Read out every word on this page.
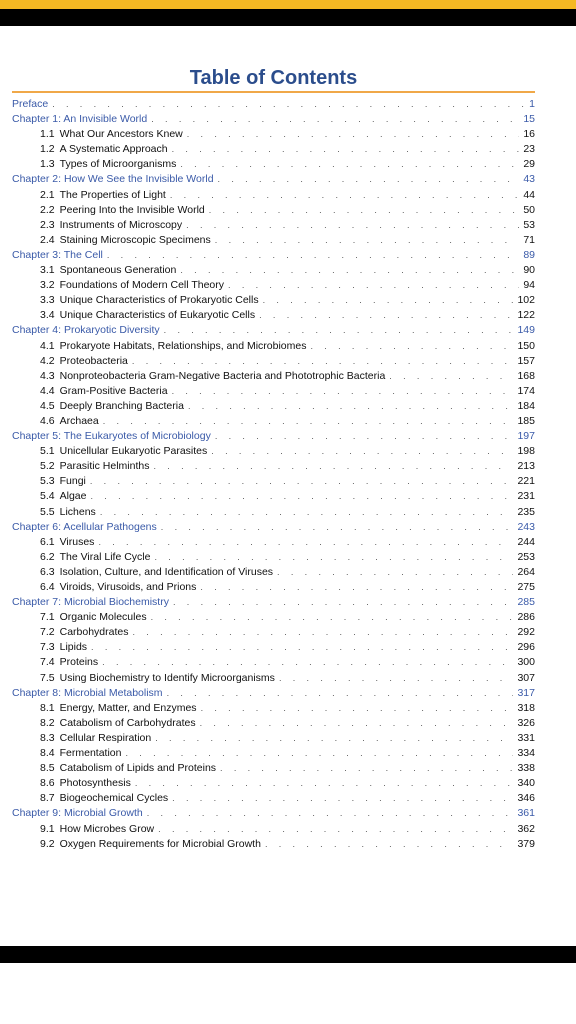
Table of Contents
Preface . . .	1
Chapter 1: An Invisible World . . .	15
1.1 What Our Ancestors Knew . . .	16
1.2 A Systematic Approach . . .	23
1.3 Types of Microorganisms . . .	29
Chapter 2: How We See the Invisible World . . .	43
2.1 The Properties of Light . . .	44
2.2 Peering Into the Invisible World . . .	50
2.3 Instruments of Microscopy . . .	53
2.4 Staining Microscopic Specimens . . .	71
Chapter 3: The Cell . . .	89
3.1 Spontaneous Generation . . .	90
3.2 Foundations of Modern Cell Theory . . .	94
3.3 Unique Characteristics of Prokaryotic Cells . . .	102
3.4 Unique Characteristics of Eukaryotic Cells . . .	122
Chapter 4: Prokaryotic Diversity . . .	149
4.1 Prokaryote Habitats, Relationships, and Microbiomes . . .	150
4.2 Proteobacteria . . .	157
4.3 Nonproteobacteria Gram-Negative Bacteria and Phototrophic Bacteria . . .	168
4.4 Gram-Positive Bacteria . . .	174
4.5 Deeply Branching Bacteria . . .	184
4.6 Archaea . . .	185
Chapter 5: The Eukaryotes of Microbiology . . .	197
5.1 Unicellular Eukaryotic Parasites . . .	198
5.2 Parasitic Helminths . . .	213
5.3 Fungi . . .	221
5.4 Algae . . .	231
5.5 Lichens . . .	235
Chapter 6: Acellular Pathogens . . .	243
6.1 Viruses . . .	244
6.2 The Viral Life Cycle . . .	253
6.3 Isolation, Culture, and Identification of Viruses . . .	264
6.4 Viroids, Virusoids, and Prions . . .	275
Chapter 7: Microbial Biochemistry . . .	285
7.1 Organic Molecules . . .	286
7.2 Carbohydrates . . .	292
7.3 Lipids . . .	296
7.4 Proteins . . .	300
7.5 Using Biochemistry to Identify Microorganisms . . .	307
Chapter 8: Microbial Metabolism . . .	317
8.1 Energy, Matter, and Enzymes . . .	318
8.2 Catabolism of Carbohydrates . . .	326
8.3 Cellular Respiration . . .	331
8.4 Fermentation . . .	334
8.5 Catabolism of Lipids and Proteins . . .	338
8.6 Photosynthesis . . .	340
8.7 Biogeochemical Cycles . . .	346
Chapter 9: Microbial Growth . . .	361
9.1 How Microbes Grow . . .	362
9.2 Oxygen Requirements for Microbial Growth . . .	379
